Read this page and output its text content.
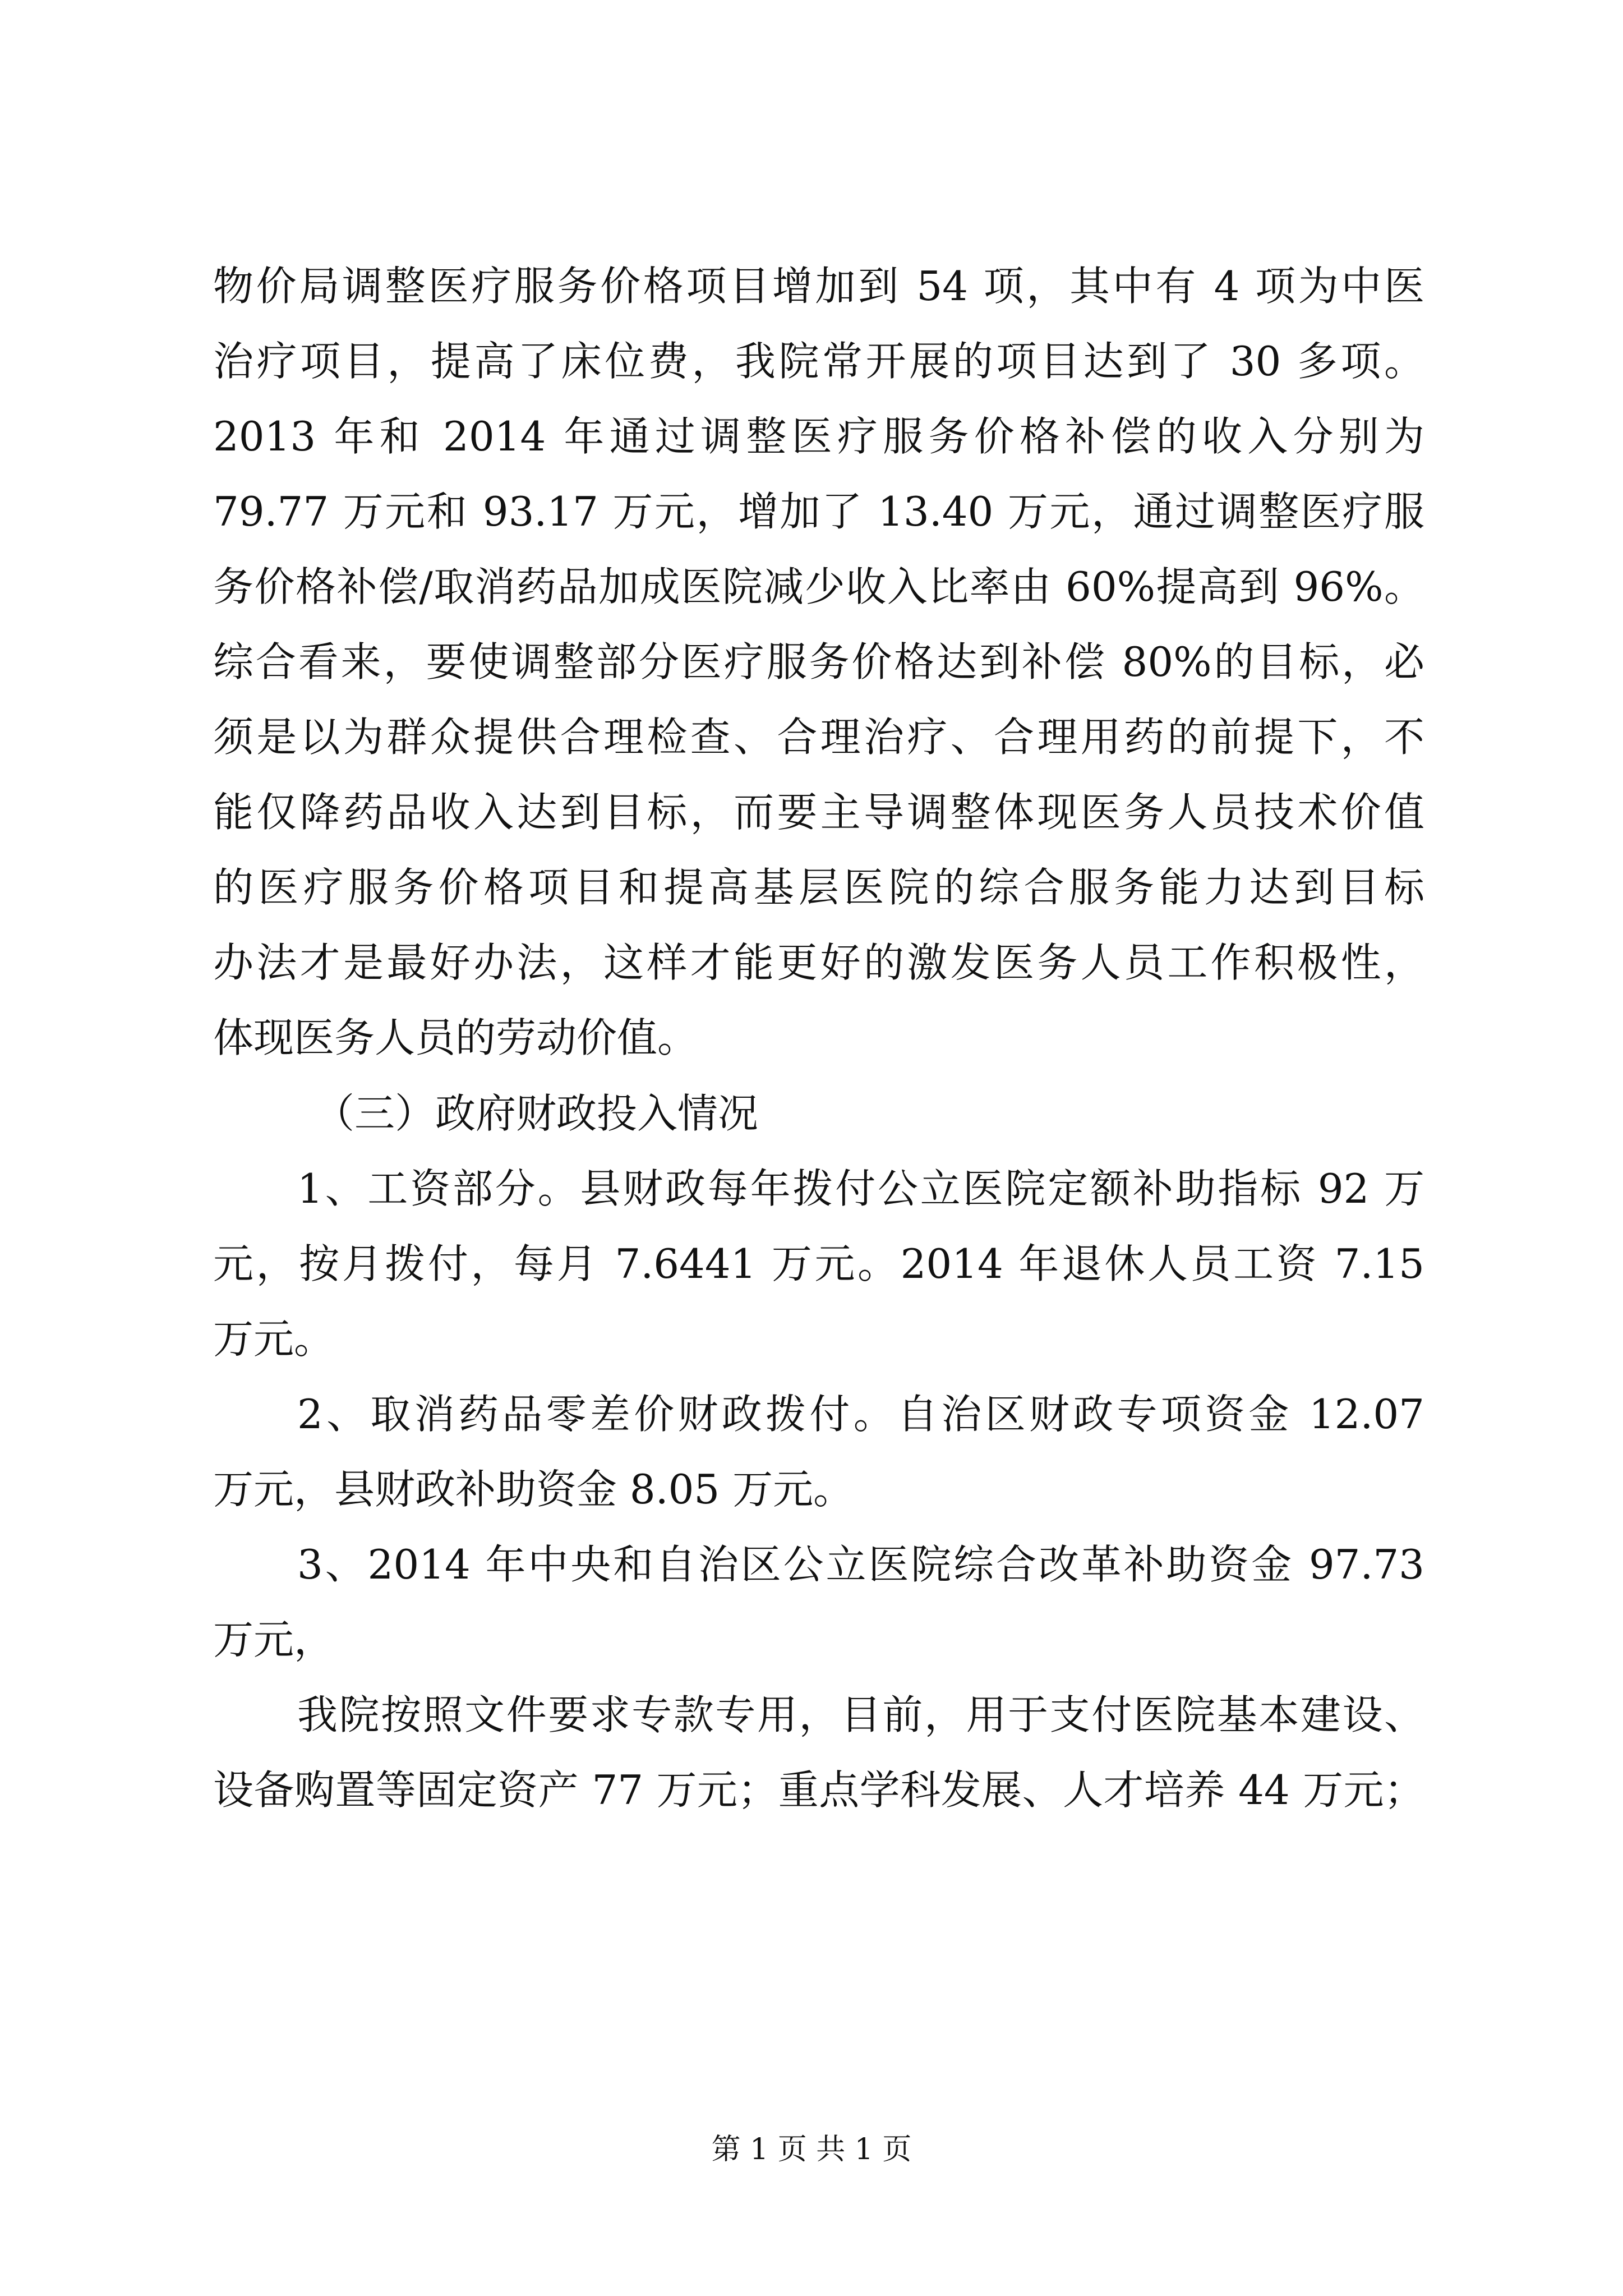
物价局调整医疗服务价格项目增加到 54 项，其中有 4 项为中医
治疗项目，提高了床位费，我院常开展的项目达到了 30 多项。
2013 年和 2014 年通过调整医疗服务价格补偿的收入分别为
79.77 万元和 93.17 万元，增加了 13.40 万元，通过调整医疗服
务价格补偿/取消药品加成医院减少收入比率由 60%提高到 96%。
综合看来，要使调整部分医疗服务价格达到补偿 80%的目标，必
须是以为群众提供合理检查、合理治疗、合理用药的前提下，不
能仅降药品收入达到目标，而要主导调整体现医务人员技术价值
的医疗服务价格项目和提高基层医院的综合服务能力达到目标
办法才是最好办法，这样才能更好的激发医务人员工作积极性，
体现医务人员的劳动价值。
（三）政府财政投入情况
1、工资部分。县财政每年拨付公立医院定额补助指标 92 万
元，按月拨付，每月 7.6441 万元。2014 年退休人员工资 7.15
万元。
2、取消药品零差价财政拨付。自治区财政专项资金 12.07
万元，县财政补助资金 8.05 万元。
3、2014 年中央和自治区公立医院综合改革补助资金 97.73
万元，
我院按照文件要求专款专用，目前，用于支付医院基本建设、
设备购置等固定资产 77 万元；重点学科发展、人才培养 44 万元；
第 1 页 共 1 页
